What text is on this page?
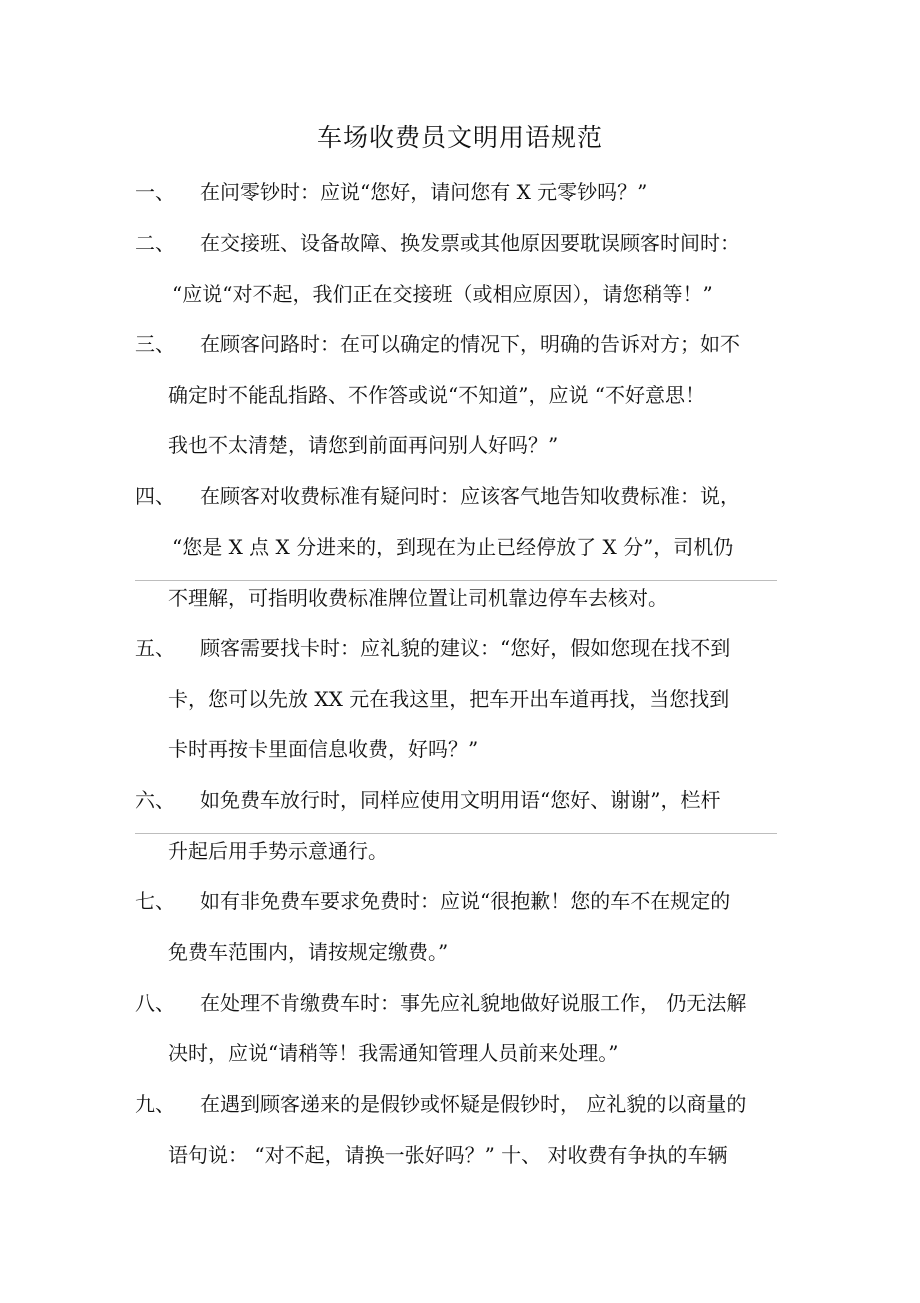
车场收费员文明用语规范
一、 在问零钞时：应说“您好，请问您有 X 元零钞吗？”
二、 在交接班、设备故障、换发票或其他原因要耽误顾客时间时：
“应说“对不起，我们正在交接班（或相应原因），请您稍等！”
三、 在顾客问路时：在可以确定的情况下，明确的告诉对方；如不
确定时不能乱指路、不作答或说“不知道”，应说 “不好意思！
我也不太清楚，请您到前面再问别人好吗？”
四、 在顾客对收费标准有疑问时：应该客气地告知收费标准：说，
“您是 X 点 X 分进来的，到现在为止已经停放了 X 分”，司机仍
不理解，可指明收费标准牌位置让司机靠边停车去核对。
五、 顾客需要找卡时：应礼貌的建议：“您好，假如您现在找不到
卡，您可以先放 XX 元在我这里，把车开出车道再找，当您找到
卡时再按卡里面信息收费，好吗？”
六、 如免费车放行时，同样应使用文明用语“您好、谢谢”，栏杆
升起后用手势示意通行。
七、 如有非免费车要求免费时：应说“很抱歉！您的车不在规定的
免费车范围内，请按规定缴费。”
八、 在处理不肯缴费车时：事先应礼貌地做好说服工作， 仍无法解
决时，应说“请稍等！我需通知管理人员前来处理。”
九、 在遇到顾客递来的是假钞或怀疑是假钞时， 应礼貌的以商量的
语句说： “对不起，请换一张好吗？” 十、 对收费有争执的车辆
